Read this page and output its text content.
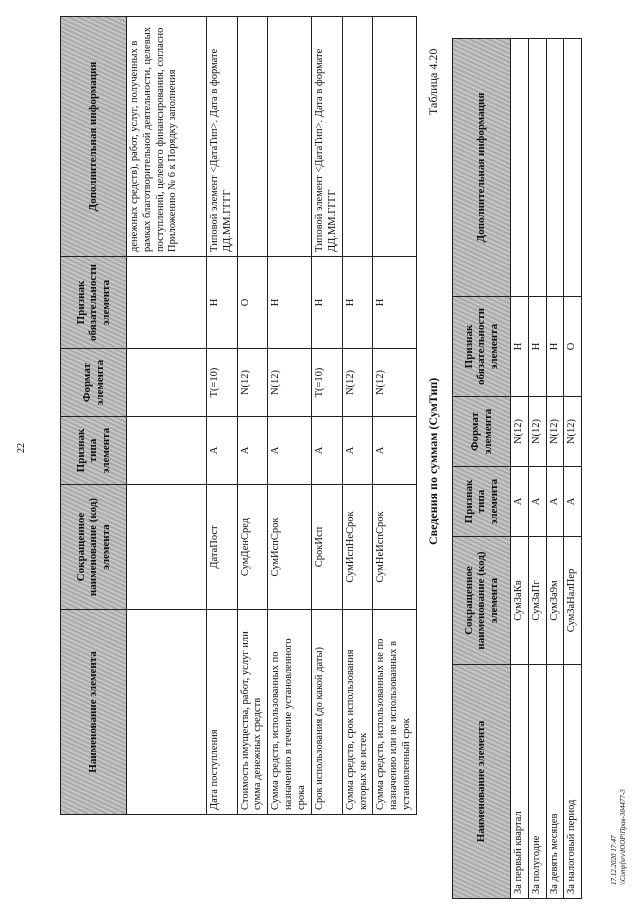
22
Наименование элемента	Сокращенное наименование (код) элемента	Признак типа элемента	Формат элемента	Признак обязательности элемента	Дополнительная информация
					денежных средств), работ, услуг, полученных в рамках благотворительной деятельности, целевых поступлений, целевого финансирования, согласно Приложению № 6 к Порядку заполнения
Дата поступления	ДатаПост	А	T(=10)	Н	Типовой элемент <ДатаТип>. Дата в формате ДД.ММ.ГГГГ
Стоимость имущества, работ, услуг или сумма денежных средств	СумДенСред	А	N(12)	О	
Сумма средств, использованных по назначению в течение установленного срока	СумИспСрок	А	N(12)	Н	
Срок использования (до какой даты)	СрокИсп	А	T(=10)	Н	Типовой элемент <ДатаТип>. Дата в формате ДД.ММ.ГГГГ
Сумма средств, срок использования которых не истек	СумИспНеСрок	А	N(12)	Н	
Сумма средств, использованных не по назначению или не использованных в установленный срок	СумНеИспСрок	А	N(12)	Н	
Сведения по суммам (СумТип)
Таблица 4.20
Наименование элемента	Сокращенное наименование (код) элемента	Признак типа элемента	Формат элемента	Признак обязательности элемента	Дополнительная информация
За первый квартал	СумЗаКв	А	N(12)	Н	
За полугодие	СумЗаПг	А	N(12)	Н	
За девять месяцев	СумЗа9м	А	N(12)	Н	
За налоговый период	СумЗаНалПер	А	N(12)	О	
17.12.2020 17:47 \\Compfsrv\ЮОР\Прав-384477-3
